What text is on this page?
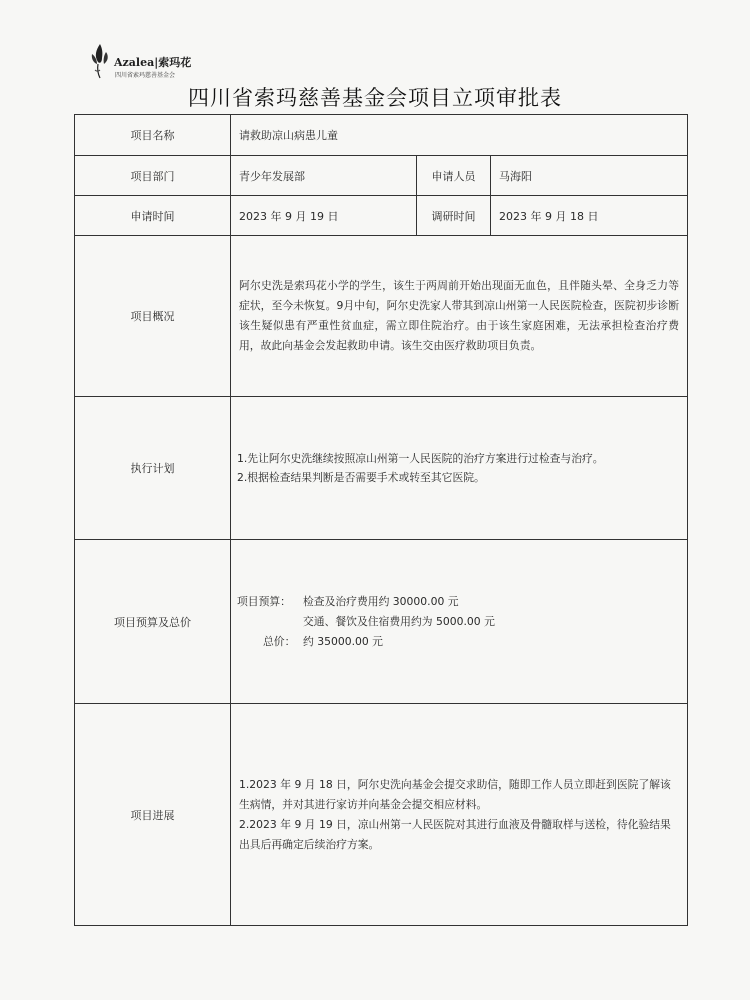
Azalea|索玛花
四川省索玛慈善基金会
四川省索玛慈善基金会项目立项审批表
项目名称	请救助凉山病患儿童		
项目部门	青少年发展部	申请人员	马海阳
申请时间	2023 年 9 月 19 日	调研时间	2023 年 9 月 18 日
项目概况	阿尔史洗是索玛花小学的学生，该生于两周前开始出现面无血色，且伴随头晕、全身乏力等症状，至今未恢复。9月中旬，阿尔史洗家人带其到凉山州第一人民医院检查，医院初步诊断该生疑似患有严重性贫血症，需立即住院治疗。由于该生家庭困难，无法承担检查治疗费用，故此向基金会发起救助申请。该生交由医疗救助项目负责。		

执行计划	1.先让阿尔史洗继续按照凉山州第一人民医院的治疗方案进行过检查与治疗。
2.根据检查结果判断是否需要手术或转至其它医院。		

项目预算及总价	项目预算： 检查及治疗费用约 30000.00 元
交通、餐饮及住宿费用约为 5000.00 元
总价： 约 35000.00 元		

项目进展	1.2023 年 9 月 18 日，阿尔史洗向基金会提交求助信，随即工作人员立即赶到医院了解该生病情，并对其进行家访并向基金会提交相应材料。

2.2023 年 9 月 19 日，凉山州第一人民医院对其进行血液及骨髓取样与送检，待化验结果出具后再确定后续治疗方案。		
